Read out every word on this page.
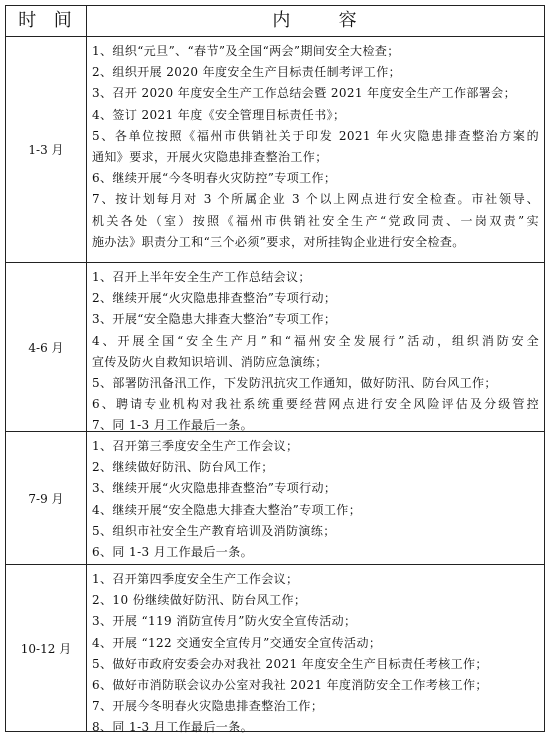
时  间	内      容
1-3 月
1、组织“元旦”、“春节”及全国“两会”期间安全大检查；
2、组织开展 2020 年度安全生产目标责任制考评工作；
3、召开 2020 年度安全生产工作总结会暨 2021 年度安全生产工作部署会；
4、签订 2021 年度《安全管理目标责任书》；
5、各单位按照《福州市供销社关于印发 2021 年火灾隐患排查整治方案的
通知》要求，开展火灾隐患排查整治工作；
6、继续开展“今冬明春火灾防控”专项工作；
7、按计划每月对 3 个所属企业 3 个以上网点进行安全检查。市社领导、
机关各处（室）按照《福州市供销社安全生产“党政同责、一岗双责”实
施办法》职责分工和“三个必须”要求，对所挂钩企业进行安全检查。
4-6 月
1、召开上半年安全生产工作总结会议；
2、继续开展“火灾隐患排查整治”专项行动；
3、开展“安全隐患大排查大整治”专项工作；
4、开展全国“安全生产月”和“福州安全发展行”活动，组织消防安全
宣传及防火自救知识培训、消防应急演练；
5、部署防汛备汛工作，下发防汛抗灾工作通知，做好防汛、防台风工作；
6、聘请专业机构对我社系统重要经营网点进行安全风险评估及分级管控
7、同 1-3 月工作最后一条。
7-9 月
1、召开第三季度安全生产工作会议；
2、继续做好防汛、防台风工作；
3、继续开展“火灾隐患排查整治”专项行动；
4、继续开展“安全隐患大排查大整治”专项工作；
5、组织市社安全生产教育培训及消防演练；
6、同 1-3 月工作最后一条。
10-12 月
1、召开第四季度安全生产工作会议；
2、10 份继续做好防汛、防台风工作；
3、开展 “119 消防宣传月”防火安全宣传活动；
4、开展 “122 交通安全宣传月”交通安全宣传活动；
5、做好市政府安委会办对我社 2021 年度安全生产目标责任考核工作；
6、做好市消防联会议办公室对我社 2021 年度消防安全工作考核工作；
7、开展今冬明春火灾隐患排查整治工作；
8、同 1-3 月工作最后一条。
